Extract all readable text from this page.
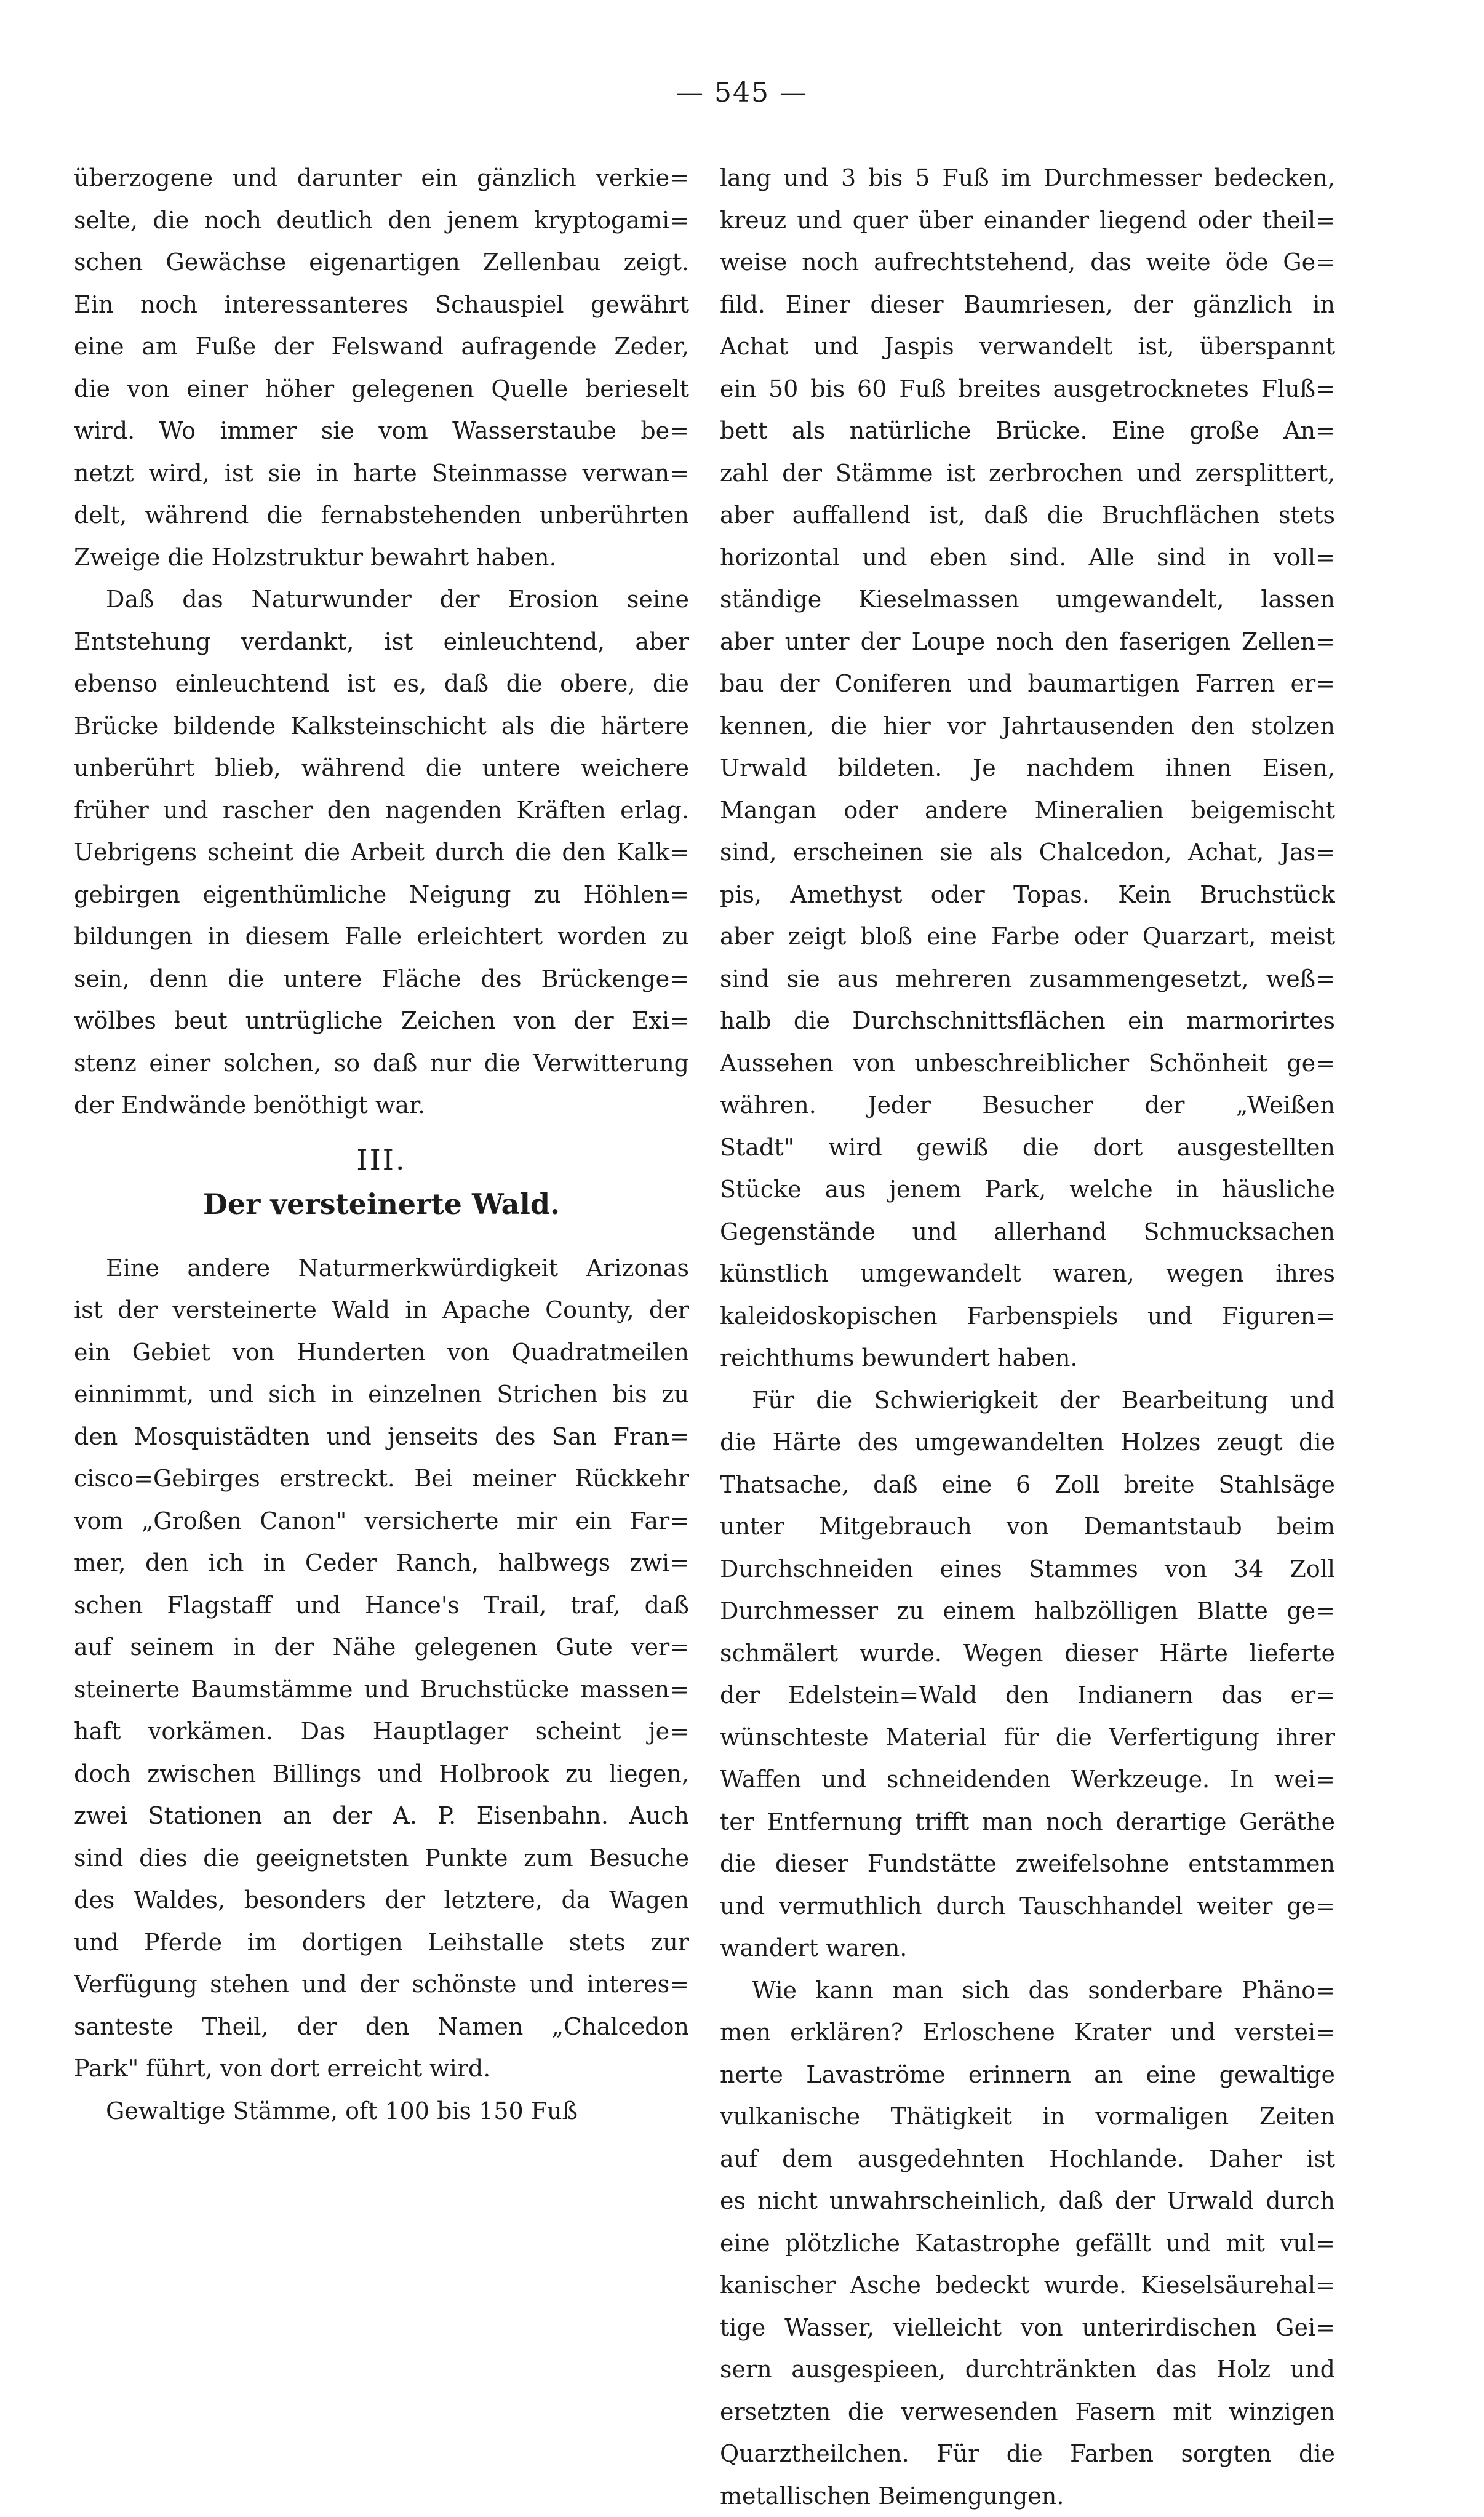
— 545 —
überzogene und darunter ein gänzlich verkie=
selte, die noch deutlich den jenem kryptogami=
schen Gewächse eigenartigen Zellenbau zeigt.
Ein noch interessanteres Schauspiel gewährt
eine am Fuße der Felswand aufragende Zeder,
die von einer höher gelegenen Quelle berieselt
wird. Wo immer sie vom Wasserstaube be=
netzt wird, ist sie in harte Steinmasse verwan=
delt, während die fernabstehenden unberührten
Zweige die Holzstruktur bewahrt haben.
Daß das Naturwunder der Erosion seine
Entstehung verdankt, ist einleuchtend, aber
ebenso einleuchtend ist es, daß die obere, die
Brücke bildende Kalksteinschicht als die härtere
unberührt blieb, während die untere weichere
früher und rascher den nagenden Kräften erlag.
Uebrigens scheint die Arbeit durch die den Kalk=
gebirgen eigenthümliche Neigung zu Höhlen=
bildungen in diesem Falle erleichtert worden zu
sein, denn die untere Fläche des Brückenge=
wölbes beut untrügliche Zeichen von der Exi=
stenz einer solchen, so daß nur die Verwitterung
der Endwände benöthigt war.
III.
Der versteinerte Wald.
Eine andere Naturmerkwürdigkeit Arizonas
ist der versteinerte Wald in Apache County, der
ein Gebiet von Hunderten von Quadratmeilen
einnimmt, und sich in einzelnen Strichen bis zu
den Mosquistädten und jenseits des San Fran=
cisco=Gebirges erstreckt. Bei meiner Rückkehr
vom „Großen Canon" versicherte mir ein Far=
mer, den ich in Ceder Ranch, halbwegs zwi=
schen Flagstaff und Hance's Trail, traf, daß
auf seinem in der Nähe gelegenen Gute ver=
steinerte Baumstämme und Bruchstücke massen=
haft vorkämen. Das Hauptlager scheint je=
doch zwischen Billings und Holbrook zu liegen,
zwei Stationen an der A. P. Eisenbahn. Auch
sind dies die geeignetsten Punkte zum Besuche
des Waldes, besonders der letztere, da Wagen
und Pferde im dortigen Leihstalle stets zur
Verfügung stehen und der schönste und interes=
santeste Theil, der den Namen „Chalcedon
Park" führt, von dort erreicht wird.
Gewaltige Stämme, oft 100 bis 150 Fuß
lang und 3 bis 5 Fuß im Durchmesser bedecken,
kreuz und quer über einander liegend oder theil=
weise noch aufrechtstehend, das weite öde Ge=
fild. Einer dieser Baumriesen, der gänzlich in
Achat und Jaspis verwandelt ist, überspannt
ein 50 bis 60 Fuß breites ausgetrocknetes Fluß=
bett als natürliche Brücke. Eine große An=
zahl der Stämme ist zerbrochen und zersplittert,
aber auffallend ist, daß die Bruchflächen stets
horizontal und eben sind. Alle sind in voll=
ständige Kieselmassen umgewandelt, lassen
aber unter der Loupe noch den faserigen Zellen=
bau der Coniferen und baumartigen Farren er=
kennen, die hier vor Jahrtausenden den stolzen
Urwald bildeten. Je nachdem ihnen Eisen,
Mangan oder andere Mineralien beigemischt
sind, erscheinen sie als Chalcedon, Achat, Jas=
pis, Amethyst oder Topas. Kein Bruchstück
aber zeigt bloß eine Farbe oder Quarzart, meist
sind sie aus mehreren zusammengesetzt, weß=
halb die Durchschnittsflächen ein marmorirtes
Aussehen von unbeschreiblicher Schönheit ge=
währen. Jeder Besucher der „Weißen
Stadt" wird gewiß die dort ausgestellten
Stücke aus jenem Park, welche in häusliche
Gegenstände und allerhand Schmucksachen
künstlich umgewandelt waren, wegen ihres
kaleidoskopischen Farbenspiels und Figuren=
reichthums bewundert haben.
Für die Schwierigkeit der Bearbeitung und
die Härte des umgewandelten Holzes zeugt die
Thatsache, daß eine 6 Zoll breite Stahlsäge
unter Mitgebrauch von Demantstaub beim
Durchschneiden eines Stammes von 34 Zoll
Durchmesser zu einem halbzölligen Blatte ge=
schmälert wurde. Wegen dieser Härte lieferte
der Edelstein=Wald den Indianern das er=
wünschteste Material für die Verfertigung ihrer
Waffen und schneidenden Werkzeuge. In wei=
ter Entfernung trifft man noch derartige Geräthe
die dieser Fundstätte zweifelsohne entstammen
und vermuthlich durch Tauschhandel weiter ge=
wandert waren.
Wie kann man sich das sonderbare Phäno=
men erklären? Erloschene Krater und verstei=
nerte Lavaströme erinnern an eine gewaltige
vulkanische Thätigkeit in vormaligen Zeiten
auf dem ausgedehnten Hochlande. Daher ist
es nicht unwahrscheinlich, daß der Urwald durch
eine plötzliche Katastrophe gefällt und mit vul=
kanischer Asche bedeckt wurde. Kieselsäurehal=
tige Wasser, vielleicht von unterirdischen Gei=
sern ausgespieen, durchtränkten das Holz und
ersetzten die verwesenden Fasern mit winzigen
Quarztheilchen. Für die Farben sorgten die
metallischen Beimengungen.
